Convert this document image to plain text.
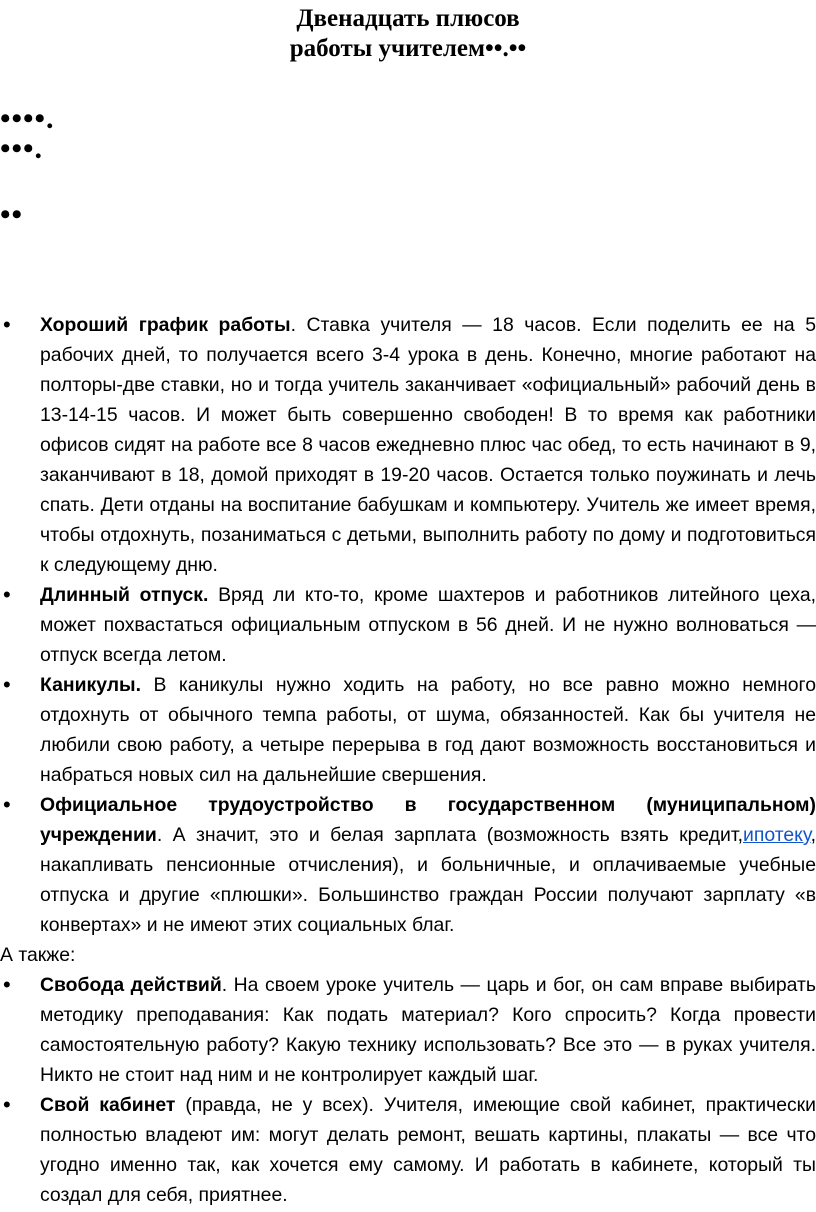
Двенадцать плюсов
работы учителем••.••
••••.
•••.
••
• Хороший график работы. Ставка учителя — 18 часов. Если поделить ее на 5 рабочих дней, то получается всего 3-4 урока в день. Конечно, многие работают на полторы-две ставки, но и тогда учитель заканчивает «официальный» рабочий день в 13-14-15 часов. И может быть совершенно свободен! В то время как работники офисов сидят на работе все 8 часов ежедневно плюс час обед, то есть начинают в 9, заканчивают в 18, домой приходят в 19-20 часов. Остается только поужинать и лечь спать. Дети отданы на воспитание бабушкам и компьютеру. Учитель же имеет время, чтобы отдохнуть, позаниматься с детьми, выполнить работу по дому и подготовиться к следующему дню.
• Длинный отпуск. Вряд ли кто-то, кроме шахтеров и работников литейного цеха, может похвастаться официальным отпуском в 56 дней. И не нужно волноваться — отпуск всегда летом.
• Каникулы. В каникулы нужно ходить на работу, но все равно можно немного отдохнуть от обычного темпа работы, от шума, обязанностей. Как бы учителя не любили свою работу, а четыре перерыва в год дают возможность восстановиться и набраться новых сил на дальнейшие свершения.
• Официальное трудоустройство в государственном (муниципальном) учреждении. А значит, это и белая зарплата (возможность взять кредит,ипотеку, накапливать пенсионные отчисления), и больничные, и оплачиваемые учебные отпуска и другие «плюшки». Большинство граждан России получают зарплату «в конвертах» и не имеют этих социальных благ.
А также:
• Свобода действий. На своем уроке учитель — царь и бог, он сам вправе выбирать методику преподавания: Как подать материал? Кого спросить? Когда провести самостоятельную работу? Какую технику использовать? Все это — в руках учителя. Никто не стоит над ним и не контролирует каждый шаг.
• Свой кабинет (правда, не у всех). Учителя, имеющие свой кабинет, практически полностью владеют им: могут делать ремонт, вешать картины, плакаты — все что угодно именно так, как хочется ему самому. И работать в кабинете, который ты создал для себя, приятнее.
